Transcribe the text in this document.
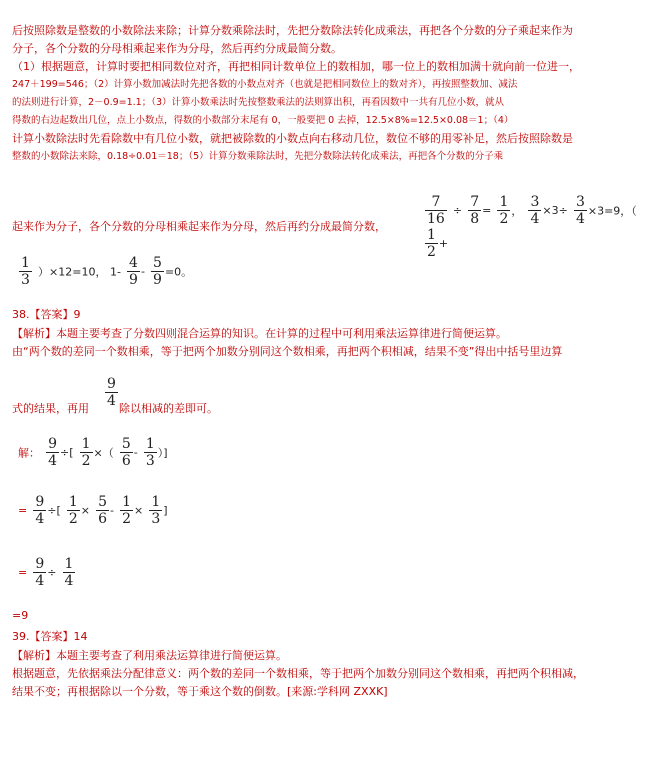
后按照除数是整数的小数除法来除；计算分数乘除法时，先把分数除法转化成乘法，再把各个分数的分子乘起来作为

分子，各个分数的分母相乘起来作为分母，然后再约分成最简分数。

（1）根据题意，计算时要把相同数位对齐，再把相同计数单位上的数相加，哪一位上的数相加满十就向前一位进一，

247＋199=546；（2）计算小数加减法时先把各数的小数点对齐（也就是把相同数位上的数对齐），再按照整数加、减法

的法则进行计算，2－0.9=1.1；（3）计算小数乘法时先按整数乘法的法则算出积，再看因数中一共有几位小数，就从

得数的右边起数出几位，点上小数点，得数的小数部分末尾有 0，一般要把 0 去掉，12.5×8%=12.5×0.08＝1；（4）

计算小数除法时先看除数中有几位小数，就把被除数的小数点向右移动几位，数位不够的用零补足，然后按照除数是

整数的小数除法来除，0.18÷0.01＝18；（5）计算分数乘除法时，先把分数除法转化成乘法，再把各个分数的分子乘

起来作为分子，各个分数的分母相乘起来作为分母，然后再约分成最简分数，	$\frac{7}{16} \div \frac{7}{8} = \frac{1}{2}$ ， $\frac{3}{4} \times 3\div \frac{3}{4} \times 3=9$，（
$\frac{1}{2}$ +
$\frac{1}{3} )\times 12=10$， $1- \frac{4}{9} - \frac{5}{9} =0$。
38.【答案】9

【解析】本题主要考查了分数四则混合运算的知识。在计算的过程中可利用乘法运算律进行简便运算。

由“两个数的差同一个数相乘，等于把两个加数分别同这个数相乘，再把两个积相减，结果不变”得出中括号里边算

式的结果，再用	除以相减的差即可。

$\frac{9}{4}$
解： $\frac{9}{4}$ ÷[ $\frac{1}{2}$ ×（ $\frac{5}{6} - \frac{1}{3}$ ）]
= $\frac{9}{4}$ ÷[ $\frac{1}{2} \times \frac{5}{6} - \frac{1}{2} \times \frac{1}{3}$ ]
= $\frac{9}{4} \div \frac{1}{4}$
=9
39.【答案】14

【解析】本题主要考查了利用乘法运算律进行简便运算。

根据题意，先依据乘法分配律意义：两个数的差同一个数相乘，等于把两个加数分别同这个数相乘，再把两个积相减，

结果不变；再根据除以一个分数，等于乘这个数的倒数。[来源:学科网 ZXXK]
